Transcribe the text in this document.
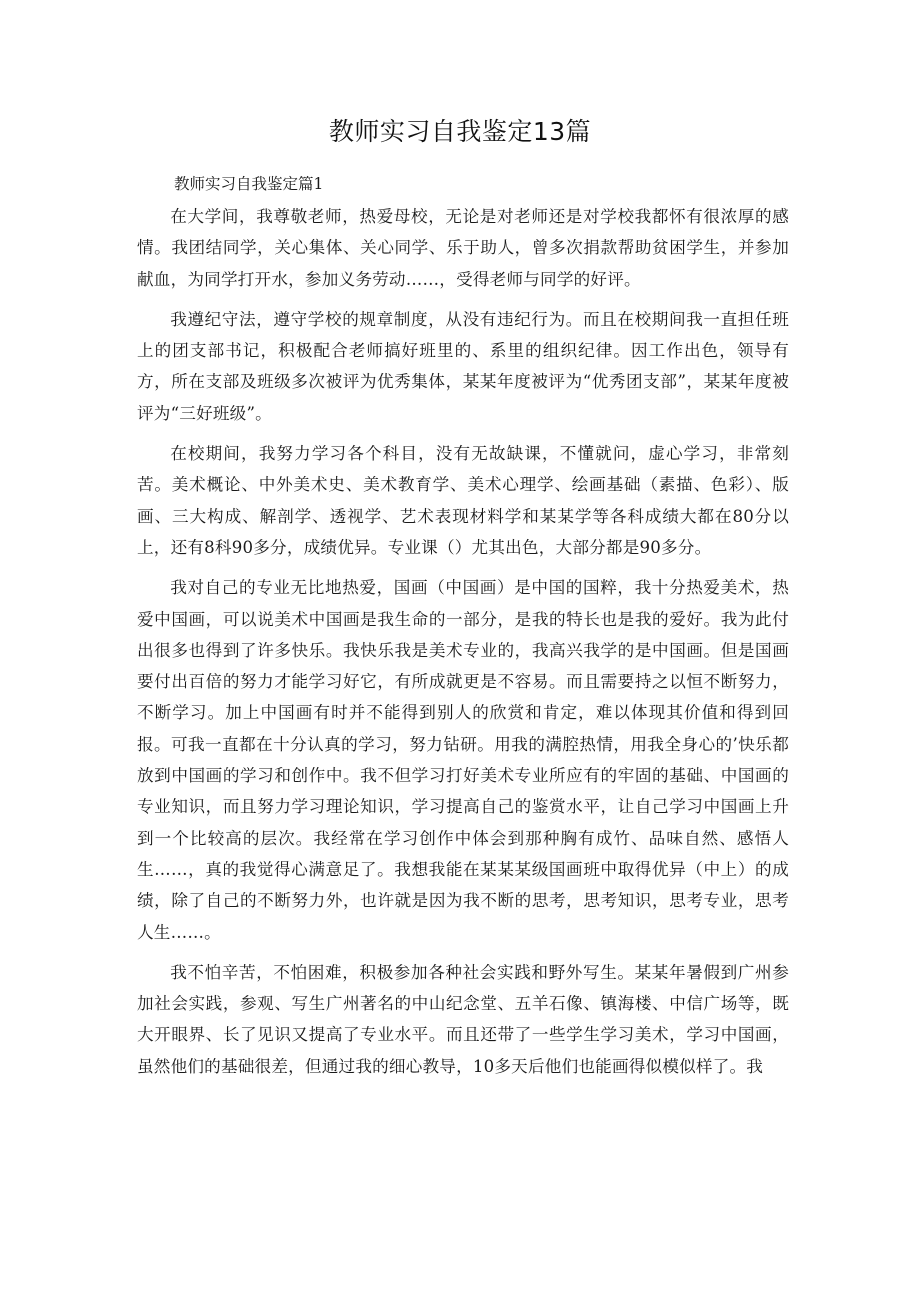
教师实习自我鉴定13篇

教师实习自我鉴定篇1

在大学间，我尊敬老师，热爱母校，无论是对老师还是对学校我都怀有很浓厚的感情。我团结同学，关心集体、关心同学、乐于助人，曾多次捐款帮助贫困学生，并参加献血，为同学打开水，参加义务劳动……，受得老师与同学的好评。

我遵纪守法，遵守学校的规章制度，从没有违纪行为。而且在校期间我一直担任班上的团支部书记，积极配合老师搞好班里的、系里的组织纪律。因工作出色，领导有方，所在支部及班级多次被评为优秀集体，某某年度被评为“优秀团支部”，某某年度被评为“三好班级”。

在校期间，我努力学习各个科目，没有无故缺课，不懂就问，虚心学习，非常刻苦。美术概论、中外美术史、美术教育学、美术心理学、绘画基础（素描、色彩）、版画、三大构成、解剖学、透视学、艺术表现材料学和某某学等各科成绩大都在80分以上，还有8科90多分，成绩优异。专业课（）尤其出色，大部分都是90多分。

我对自己的专业无比地热爱，国画（中国画）是中国的国粹，我十分热爱美术，热爱中国画，可以说美术中国画是我生命的一部分，是我的特长也是我的爱好。我为此付出很多也得到了许多快乐。我快乐我是美术专业的，我高兴我学的是中国画。但是国画要付出百倍的努力才能学习好它，有所成就更是不容易。而且需要持之以恒不断努力，不断学习。加上中国画有时并不能得到别人的欣赏和肯定，难以体现其价值和得到回报。可我一直都在十分认真的学习，努力钻研。用我的满腔热情，用我全身心的’快乐都放到中国画的学习和创作中。我不但学习打好美术专业所应有的牢固的基础、中国画的专业知识，而且努力学习理论知识，学习提高自己的鉴赏水平，让自己学习中国画上升到一个比较高的层次。我经常在学习创作中体会到那种胸有成竹、品味自然、感悟人生……，真的我觉得心满意足了。我想我能在某某某级国画班中取得优异（中上）的成绩，除了自己的不断努力外，也许就是因为我不断的思考，思考知识，思考专业，思考人生……。

我不怕辛苦，不怕困难，积极参加各种社会实践和野外写生。某某年暑假到广州参加社会实践，参观、写生广州著名的中山纪念堂、五羊石像、镇海楼、中信广场等，既大开眼界、长了见识又提高了专业水平。而且还带了一些学生学习美术，学习中国画，虽然他们的基础很差，但通过我的细心教导，10多天后他们也能画得似模似样了。我
